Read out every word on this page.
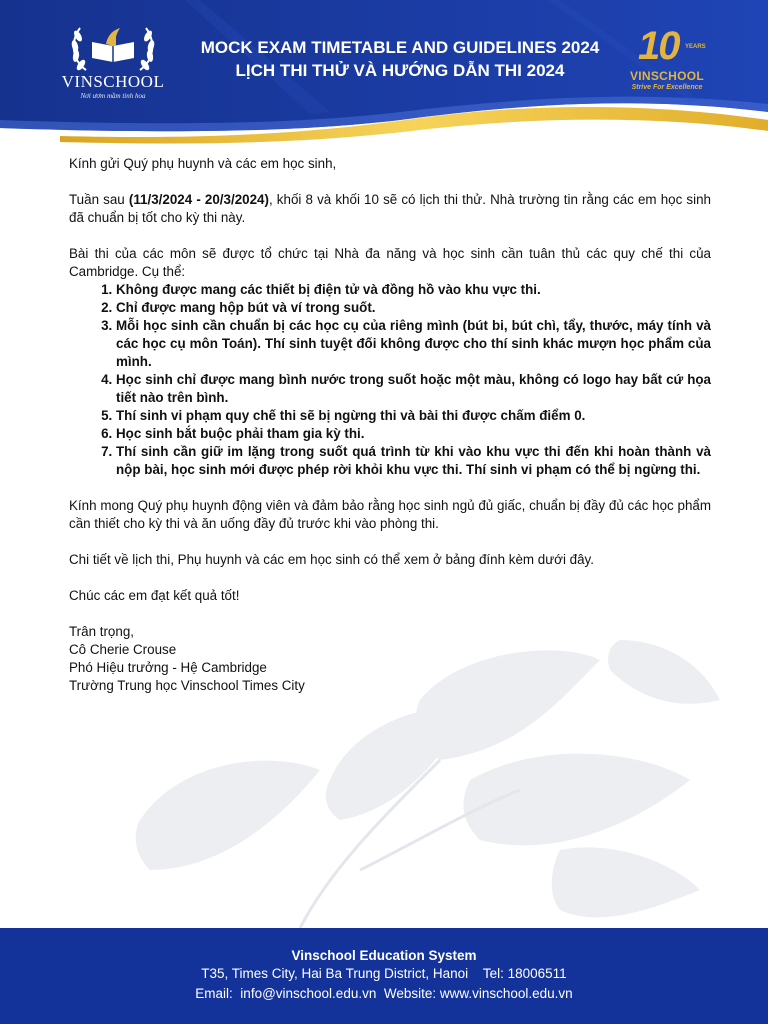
VINSCHOOL
Nơi ươm mầm tinh hoa
MOCK EXAM TIMETABLE AND GUIDELINES 2024
LỊCH THI THỬ VÀ HƯỚNG DẪN THI 2024
10 YEARS
VINSCHOOL
Strive For Excellence

Kính gửi Quý phụ huynh và các em học sinh,

Tuần sau (11/3/2024 - 20/3/2024), khối 8 và khối 10 sẽ có lịch thi thử. Nhà trường tin rằng các em học sinh đã chuẩn bị tốt cho kỳ thi này.

Bài thi của các môn sẽ được tổ chức tại Nhà đa năng và học sinh cần tuân thủ các quy chế thi của Cambridge. Cụ thể:

1. Không được mang các thiết bị điện tử và đồng hồ vào khu vực thi.
2. Chỉ được mang hộp bút và ví trong suốt.
3. Mỗi học sinh cần chuẩn bị các học cụ của riêng mình (bút bi, bút chì, tẩy, thước, máy tính và các học cụ môn Toán). Thí sinh tuyệt đối không được cho thí sinh khác mượn học phẩm của mình.
4. Học sinh chỉ được mang bình nước trong suốt hoặc một màu, không có logo hay bất cứ họa tiết nào trên bình.
5. Thí sinh vi phạm quy chế thi sẽ bị ngừng thi và bài thi được chấm điểm 0.
6. Học sinh bắt buộc phải tham gia kỳ thi.
7. Thí sinh cần giữ im lặng trong suốt quá trình từ khi vào khu vực thi đến khi hoàn thành và nộp bài, học sinh mới được phép rời khỏi khu vực thi. Thí sinh vi phạm có thể bị ngừng thi.

Kính mong Quý phụ huynh động viên và đảm bảo rằng học sinh ngủ đủ giấc, chuẩn bị đầy đủ các học phẩm cần thiết cho kỳ thi và ăn uống đầy đủ trước khi vào phòng thi.

Chi tiết về lịch thi, Phụ huynh và các em học sinh có thể xem ở bảng đính kèm dưới đây.

Chúc các em đạt kết quả tốt!

Trân trọng,
Cô Cherie Crouse
Phó Hiệu trưởng - Hệ Cambridge
Trường Trung học Vinschool Times City
Vinschool Education System
T35, Times City, Hai Ba Trung District, Hanoi    Tel: 18006511
Email:  info@vinschool.edu.vn  Website: www.vinschool.edu.vn
